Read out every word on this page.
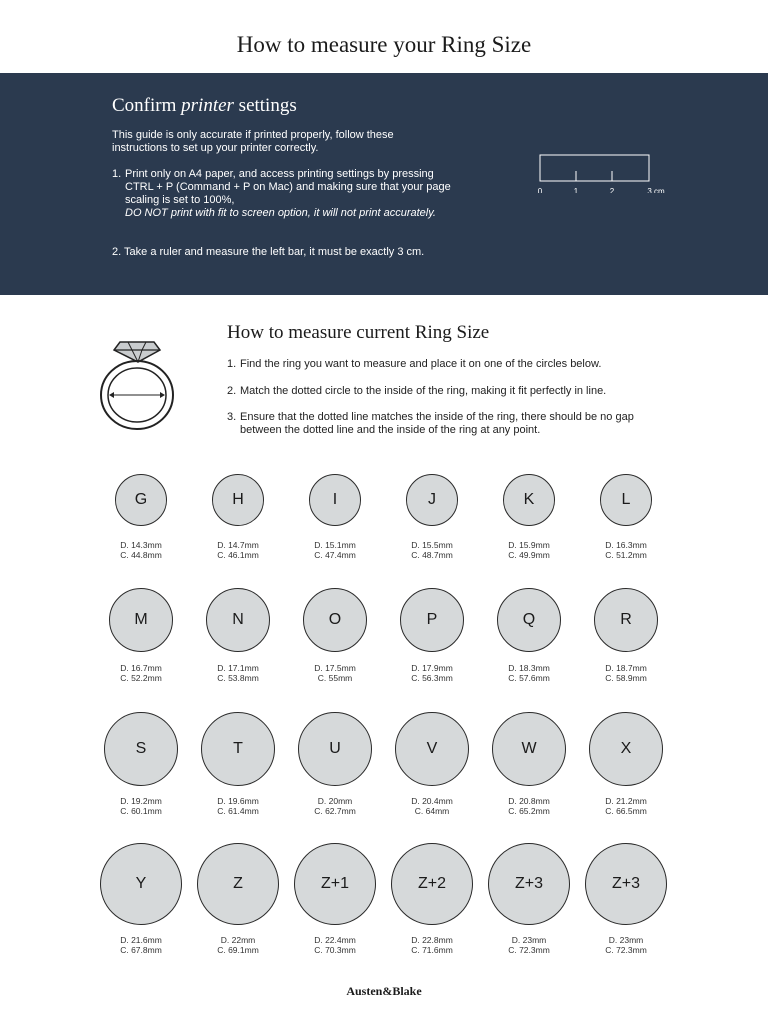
How to measure your Ring Size
Confirm printer settings

This guide is only accurate if printed properly, follow these instructions to set up your printer correctly.

1. Print only on A4 paper, and access printing settings by pressing CTRL + P (Command + P on Mac) and making sure that your page scaling is set to 100%,
DO NOT print with fit to screen option, it will not print accurately.
2. Take a ruler and measure the left bar, it must be exactly 3 cm.
0	1	2	3 cm
How to measure current Ring Size
1. Find the ring you want to measure and place it on one of the circles below.
2. Match the dotted circle to the inside of the ring, making it fit perfectly in line.
3. Ensure that the dotted line matches the inside of the ring, there should be no gap between the dotted line and the inside of the ring at any point.
G
D. 14.3mm
C. 44.8mm
H
D. 14.7mm
C. 46.1mm
I
D. 15.1mm
C. 47.4mm
J
D. 15.5mm
C. 48.7mm
K
D. 15.9mm
C. 49.9mm
L
D. 16.3mm
C. 51.2mm
M
D. 16.7mm
C. 52.2mm
N
D. 17.1mm
C. 53.8mm
O
D. 17.5mm
C. 55mm
P
D. 17.9mm
C. 56.3mm
Q
D. 18.3mm
C. 57.6mm
R
D. 18.7mm
C. 58.9mm
S
D. 19.2mm
C. 60.1mm
T
D. 19.6mm
C. 61.4mm
U
D. 20mm
C. 62.7mm
V
D. 20.4mm
C. 64mm
W
D. 20.8mm
C. 65.2mm
X
D. 21.2mm
C. 66.5mm
Y
D. 21.6mm
C. 67.8mm
Z
D. 22mm
C. 69.1mm
Z+1
D. 22.4mm
C. 70.3mm
Z+2
D. 22.8mm
C. 71.6mm
Z+3
D. 23mm
C. 72.3mm
Z+3
D. 23mm
C. 72.3mm
Austen&Blake
